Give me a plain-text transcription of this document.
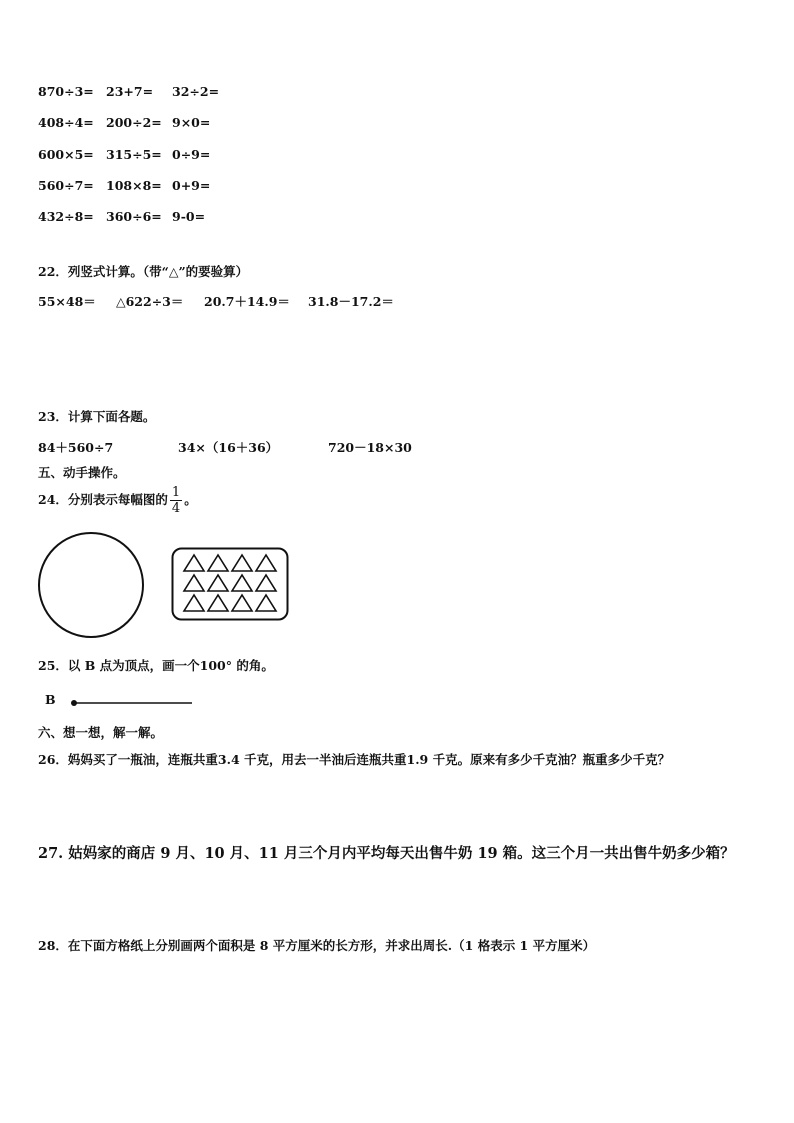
870÷3= 23+7= 32÷2=
408÷4= 200÷2= 9×0=
600×5= 315÷5= 0÷9=
560÷7= 108×8= 0+9=
432÷8= 360÷6= 9-0=
22．列竖式计算。（带“△”的要验算）
55×48＝ △622÷3＝ 20.7＋14.9＝ 31.8－17.2＝
23．计算下面各题。
84＋560÷7	34×（16＋36）	720－18×30
五、动手操作。
24．分别表示每幅图的 $\frac{1}{4}$ 。
25．以 B 点为顶点，画一个100° 的角。
B
六、想一想，解一解。
26．妈妈买了一瓶油，连瓶共重3.4 千克，用去一半油后连瓶共重1.9 千克。原来有多少千克油？瓶重多少千克？
27. 姑妈家的商店 9 月、10 月、11 月三个月内平均每天出售牛奶 19 箱。这三个月一共出售牛奶多少箱？
28．在下面方格纸上分别画两个面积是 8 平方厘米的长方形，并求出周长.（1 格表示 1 平方厘米）
